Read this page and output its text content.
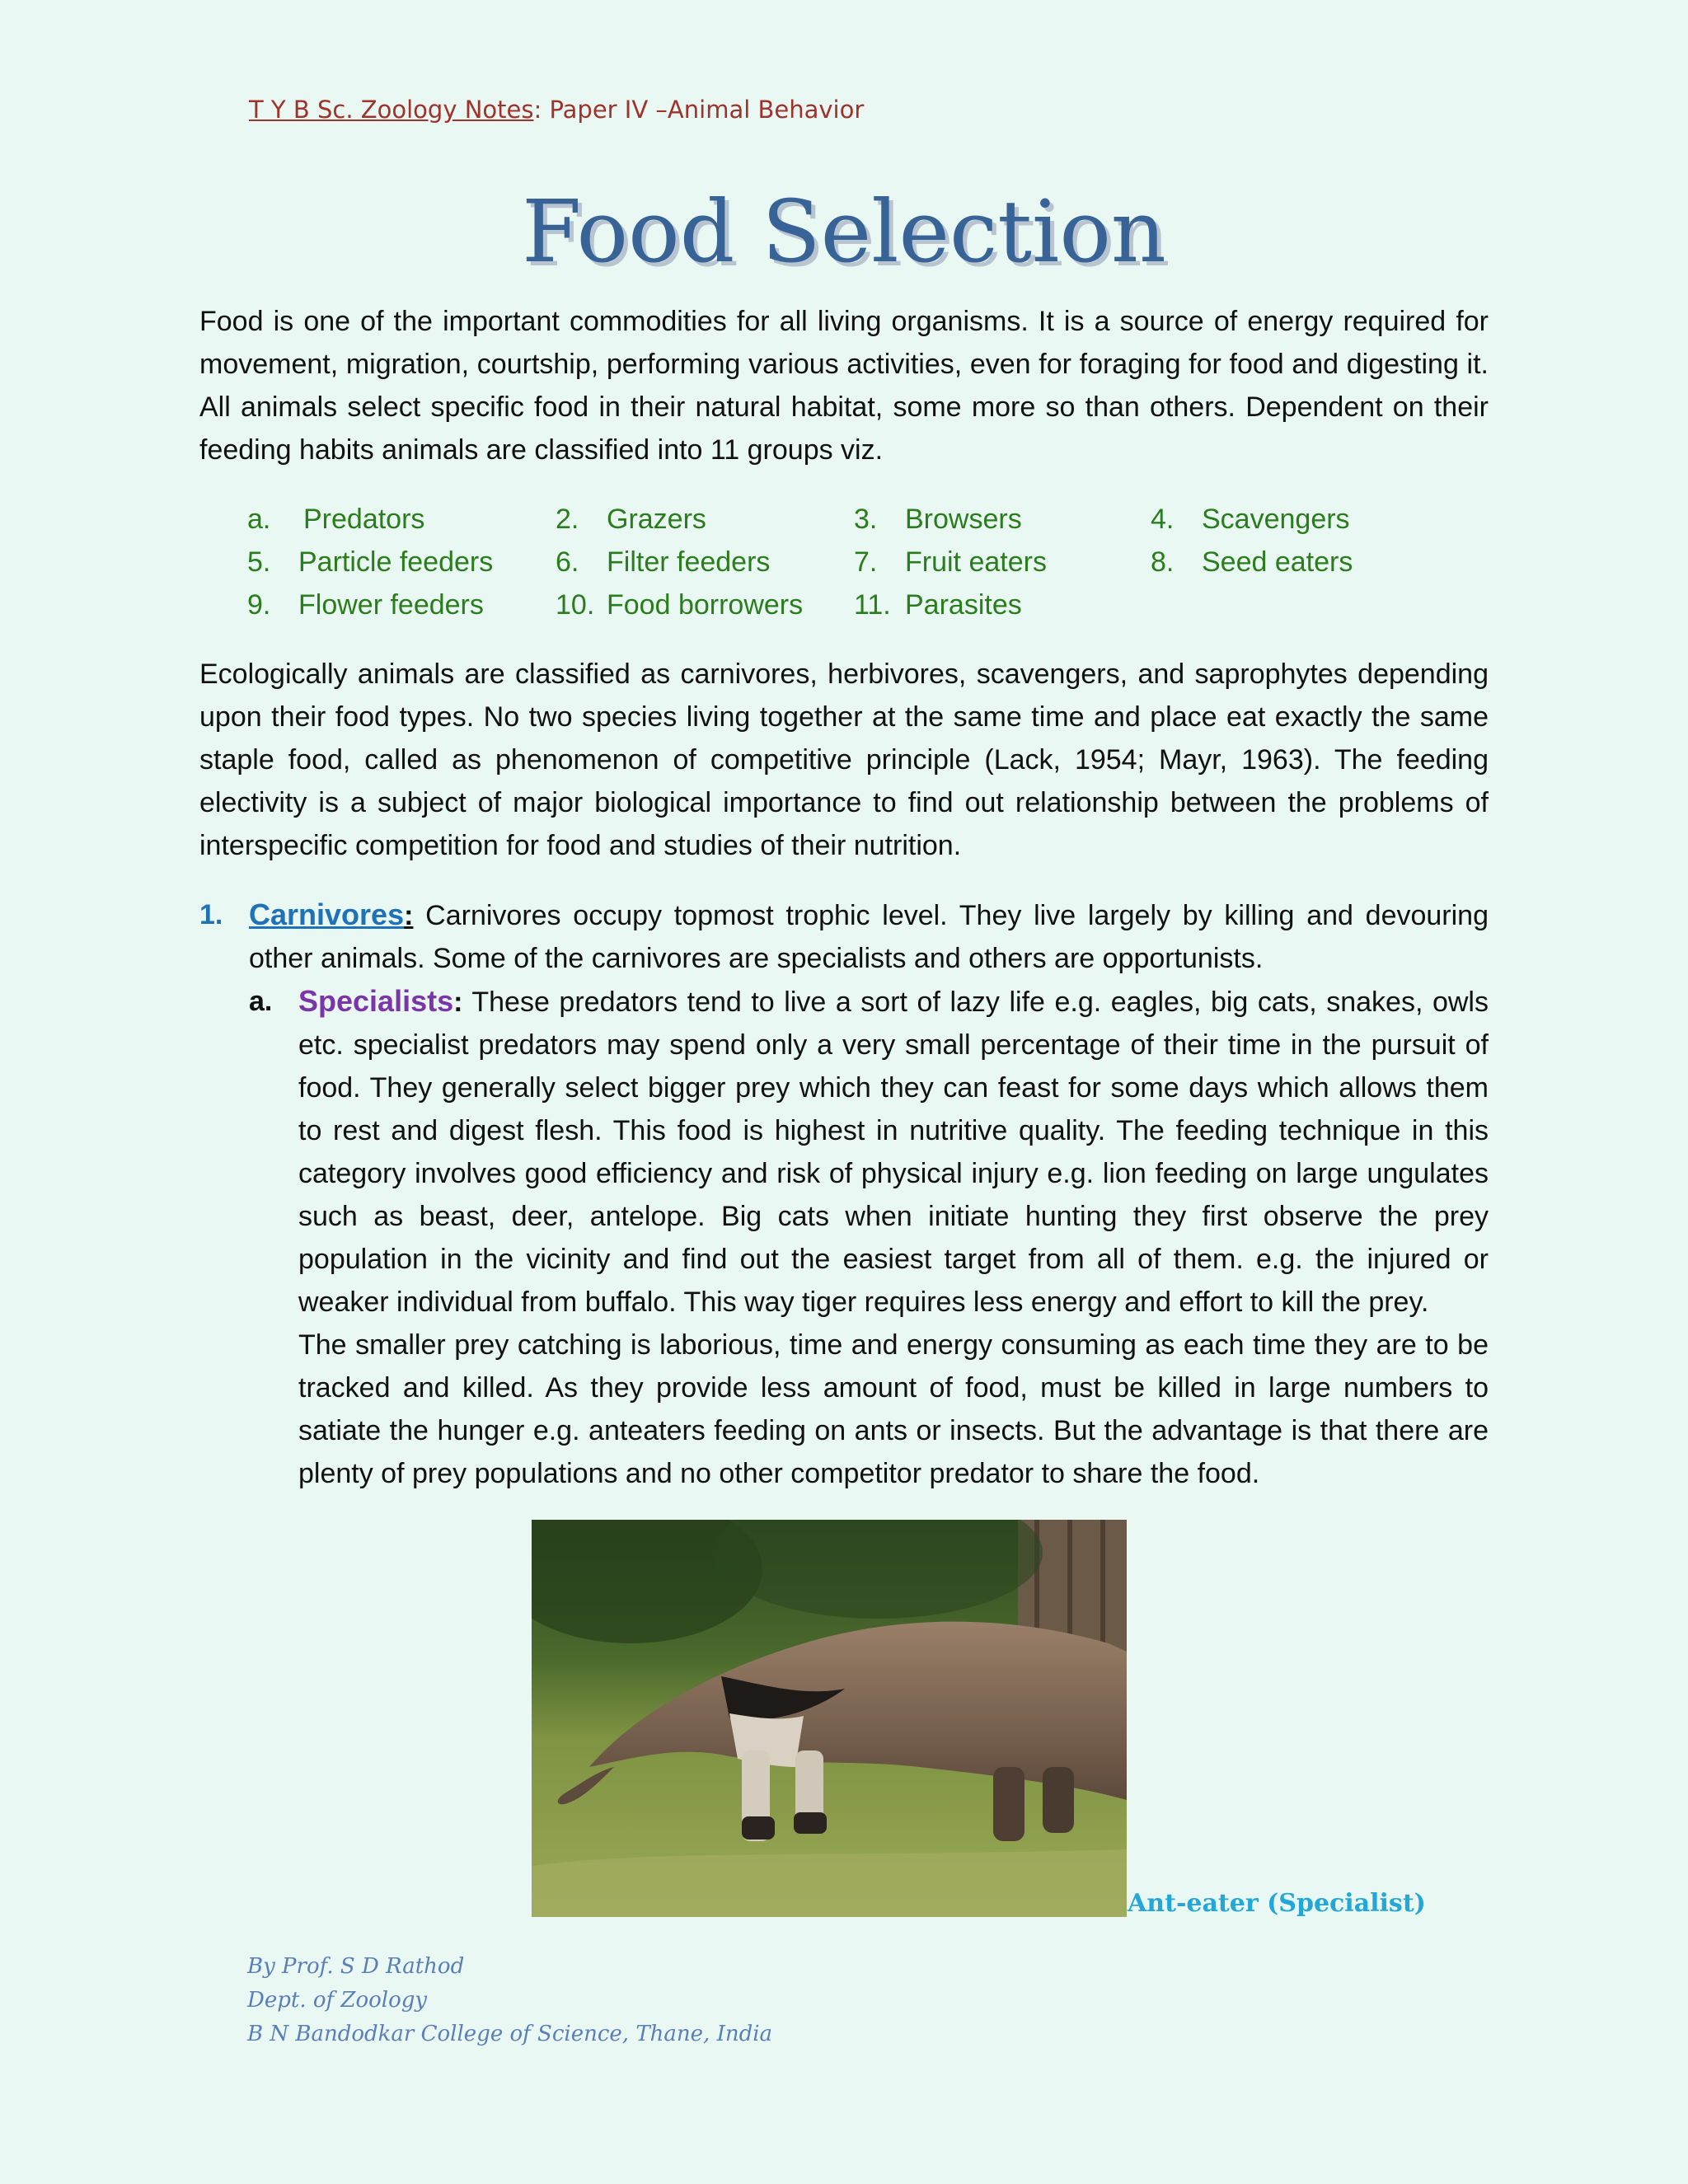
T Y B Sc. Zoology Notes: Paper IV –Animal Behavior
Food Selection
Food is one of the important commodities for all living organisms. It is a source of energy required for movement, migration, courtship, performing various activities, even for foraging for food and digesting it. All animals select specific food in their natural habitat, some more so than others. Dependent on their feeding habits animals are classified into 11 groups viz.
a. Predators	2. Grazers	3. Browsers	4. Scavengers
5. Particle feeders 6. Filter feeders	7. Fruit eaters	8. Seed eaters
9. Flower feeders	10. Food borrowers 11. Parasites
Ecologically animals are classified as carnivores, herbivores, scavengers, and saprophytes depending upon their food types. No two species living together at the same time and place eat exactly the same staple food, called as phenomenon of competitive principle (Lack, 1954; Mayr, 1963). The feeding electivity is a subject of major biological importance to find out relationship between the problems of interspecific competition for food and studies of their nutrition.
1. Carnivores: Carnivores occupy topmost trophic level. They live largely by killing and devouring other animals. Some of the carnivores are specialists and others are opportunists.
a. Specialists: These predators tend to live a sort of lazy life e.g. eagles, big cats, snakes, owls etc. specialist predators may spend only a very small percentage of their time in the pursuit of food. They generally select bigger prey which they can feast for some days which allows them to rest and digest flesh. This food is highest in nutritive quality. The feeding technique in this category involves good efficiency and risk of physical injury e.g. lion feeding on large ungulates such as beast, deer, antelope. Big cats when initiate hunting they first observe the prey population in the vicinity and find out the easiest target from all of them. e.g. the injured or weaker individual from buffalo. This way tiger requires less energy and effort to kill the prey.
The smaller prey catching is laborious, time and energy consuming as each time they are to be tracked and killed. As they provide less amount of food, must be killed in large numbers to satiate the hunger e.g. anteaters feeding on ants or insects. But the advantage is that there are plenty of prey populations and no other competitor predator to share the food.
Ant-eater (Specialist)
By Prof. S D Rathod
Dept. of Zoology
B N Bandodkar College of Science, Thane, India
